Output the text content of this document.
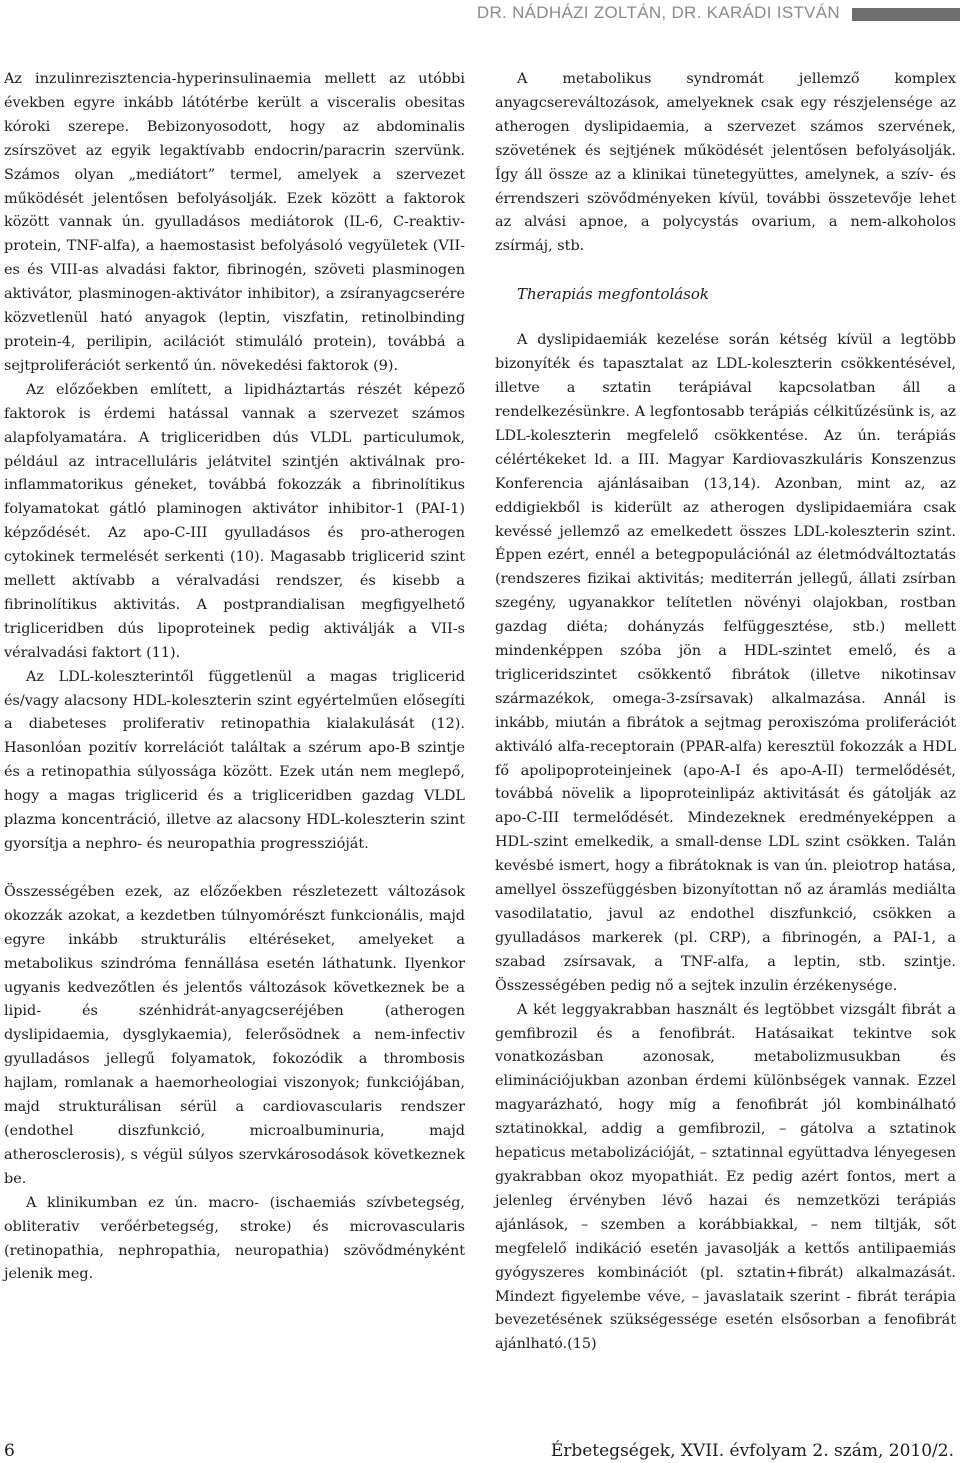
DR. NÁDHÁZI ZOLTÁN, DR. KARÁDI ISTVÁN

Az inzulinrezisztencia-hyperinsulinaemia mellett az utóbbi években egyre inkább látótérbe került a visceralis obesitas kóroki szerepe. Bebizonyosodott, hogy az abdominalis zsírszövet az egyik legaktívabb endocrin/paracrin szervünk. Számos olyan „mediátort” termel, amelyek a szervezet működését jelentősen befolyásolják. Ezek között a faktorok között vannak ún. gyulladásos mediátorok (IL-6, C-reaktiv-protein, TNF-alfa), a haemostasist befolyásoló vegyületek (VII-es és VIII-as alvadási faktor, fibrinogén, szöveti plasminogen aktivátor, plasminogen-aktivátor inhibitor), a zsíranyagcserére közvetlenül ható anyagok (leptin, viszfatin, retinolbinding protein-4, perilipin, acilációt stimuláló protein), továbbá a sejtproliferációt serkentő ún. növekedési faktorok (9).

Az előzőekben említett, a lipidháztartás részét képező faktorok is érdemi hatással vannak a szervezet számos alapfolyamatára. A trigliceridben dús VLDL particulumok, például az intracelluláris jelátvitel szintjén aktiválnak pro-inflammatorikus géneket, továbbá fokozzák a fibrinolítikus folyamatokat gátló plaminogen aktivátor inhibitor-1 (PAI-1) képződését. Az apo-C-III gyulladásos és pro-atherogen cytokinek termelését serkenti (10). Magasabb triglicerid szint mellett aktívabb a véralvadási rendszer, és kisebb a fibrinolítikus aktivitás. A postprandialisan megfigyelhető trigliceridben dús lipoproteinek pedig aktiválják a VII-s véralvadási faktort (11).

Az LDL-koleszterintől függetlenül a magas triglicerid és/vagy alacsony HDL-koleszterin szint egyértelműen elősegíti a diabeteses proliferativ retinopathia kialakulását (12). Hasonlóan pozitív korrelációt találtak a szérum apo-B szintje és a retinopathia súlyossága között. Ezek után nem meglepő, hogy a magas triglicerid és a trigliceridben gazdag VLDL plazma koncentráció, illetve az alacsony HDL-koleszterin szint gyorsítja a nephro- és neuropathia progresszióját.

Összességében ezek, az előzőekben részletezett változások okozzák azokat, a kezdetben túlnyomórészt funkcionális, majd egyre inkább strukturális eltéréseket, amelyeket a metabolikus szindróma fennállása esetén láthatunk. Ilyenkor ugyanis kedvezőtlen és jelentős változások következnek be a lipid- és szénhidrát-anyagcseréjében (atherogen dyslipidaemia, dysglykaemia), felerősödnek a nem-infectiv gyulladásos jellegű folyamatok, fokozódik a thrombosis hajlam, romlanak a haemorheologiai viszonyok; funkciójában, majd strukturálisan sérül a cardiovascularis rendszer (endothel diszfunkció, microalbuminuria, majd atherosclerosis), s végül súlyos szervkárosodások következnek be.

A klinikumban ez ún. macro- (ischaemiás szívbetegség, obliterativ verőérbetegség, stroke) és microvascularis (retinopathia, nephropathia, neuropathia) szövődményként jelenik meg.

A metabolikus syndromát jellemző komplex anyagcsereváltozások, amelyeknek csak egy részjelensége az atherogen dyslipidaemia, a szervezet számos szervének, szövetének és sejtjének működését jelentősen befolyásolják. Így áll össze az a klinikai tünetegyüttes, amelynek, a szív- és érrendszeri szövődményeken kívül, további összetevője lehet az alvási apnoe, a polycystás ovarium, a nem-alkoholos zsírmáj, stb.

Therapiás megfontolások

A dyslipidaemiák kezelése során kétség kívül a legtöbb bizonyíték és tapasztalat az LDL-koleszterin csökkentésével, illetve a sztatin terápiával kapcsolatban áll a rendelkezésünkre. A legfontosabb terápiás célkitűzésünk is, az LDL-koleszterin megfelelő csökkentése. Az ún. terápiás célértékeket ld. a III. Magyar Kardiovaszkuláris Konszenzus Konferencia ajánlásaiban (13,14). Azonban, mint az, az eddigiekből is kiderült az atherogen dyslipidaemiára csak kevéssé jellemző az emelkedett összes LDL-koleszterin szint. Éppen ezért, ennél a betegpopulációnál az életmódváltoztatás (rendszeres fizikai aktivitás; mediterrán jellegű, állati zsírban szegény, ugyanakkor telítetlen növényi olajokban, rostban gazdag diéta; dohányzás felfüggesztése, stb.) mellett mindenképpen szóba jön a HDL-szintet emelő, és a trigliceridszintet csökkentő fibrátok (illetve nikotinsav származékok, omega-3-zsírsavak) alkalmazása. Annál is inkább, miután a fibrátok a sejtmag peroxiszóma proliferációt aktiváló alfa-receptorain (PPAR-alfa) keresztül fokozzák a HDL fő apolipoproteinjeinek (apo-A-I és apo-A-II) termelődését, továbbá növelik a lipoproteinlipáz aktivitását és gátolják az apo-C-III termelődését. Mindezeknek eredményeképpen a HDL-szint emelkedik, a small-dense LDL szint csökken. Talán kevésbé ismert, hogy a fibrátoknak is van ún. pleiotrop hatása, amellyel összefüggésben bizonyítottan nő az áramlás mediálta vasodilatatio, javul az endothel diszfunkció, csökken a gyulladásos markerek (pl. CRP), a fibrinogén, a PAI-1, a szabad zsírsavak, a TNF-alfa, a leptin, stb. szintje. Összességében pedig nő a sejtek inzulin érzékenysége.

A két leggyakrabban használt és legtöbbet vizsgált fibrát a gemfibrozil és a fenofibrát. Hatásaikat tekintve sok vonatkozásban azonosak, metabolizmusukban és eliminációjukban azonban érdemi különbségek vannak. Ezzel magyarázható, hogy míg a fenofibrát jól kombinálható sztatinokkal, addig a gemfibrozil, – gátolva a sztatinok hepaticus metabolizációját, – sztatinnal együttadva lényegesen gyakrabban okoz myopathiát. Ez pedig azért fontos, mert a jelenleg érvényben lévő hazai és nemzetközi terápiás ajánlások, – szemben a korábbiakkal, – nem tiltják, sőt megfelelő indikáció esetén javasolják a kettős antilipaemiás gyógyszeres kombinációt (pl. sztatin+fibrát) alkalmazását. Mindezt figyelembe véve, – javaslataik szerint - fibrát terápia bevezetésének szükségessége esetén elsősorban a fenofibrát ajánlható.(15)

6	Érbetegségek, XVII. évfolyam 2. szám, 2010/2.
